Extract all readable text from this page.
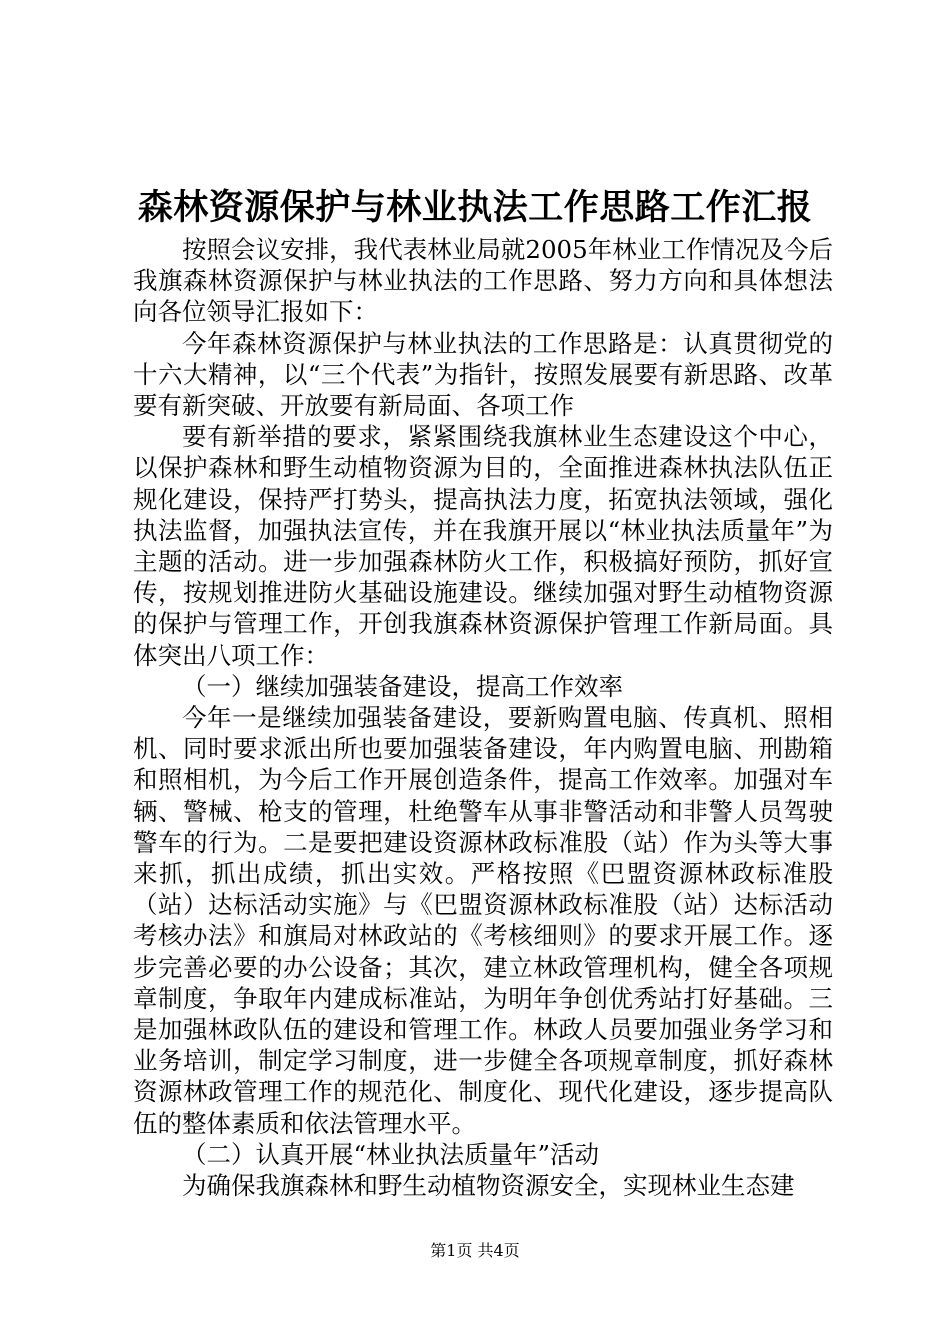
森林资源保护与林业执法工作思路工作汇报

按照会议安排，我代表林业局就2005年林业工作情况及今后我旗森林资源保护与林业执法的工作思路、努力方向和具体想法向各位领导汇报如下：

今年森林资源保护与林业执法的工作思路是：认真贯彻党的十六大精神，以“三个代表”为指针，按照发展要有新思路、改革要有新突破、开放要有新局面、各项工作

要有新举措的要求，紧紧围绕我旗林业生态建设这个中心，以保护森林和野生动植物资源为目的，全面推进森林执法队伍正规化建设，保持严打势头，提高执法力度，拓宽执法领域，强化执法监督，加强执法宣传，并在我旗开展以“林业执法质量年”为主题的活动。进一步加强森林防火工作，积极搞好预防，抓好宣传，按规划推进防火基础设施建设。继续加强对野生动植物资源的保护与管理工作，开创我旗森林资源保护管理工作新局面。具体突出八项工作：

（一）继续加强装备建设，提高工作效率

今年一是继续加强装备建设，要新购置电脑、传真机、照相机、同时要求派出所也要加强装备建设，年内购置电脑、刑勘箱和照相机，为今后工作开展创造条件，提高工作效率。加强对车辆、警械、枪支的管理，杜绝警车从事非警活动和非警人员驾驶警车的行为。二是要把建设资源林政标准股（站）作为头等大事来抓，抓出成绩，抓出实效。严格按照《巴盟资源林政标准股（站）达标活动实施》与《巴盟资源林政标准股（站）达标活动考核办法》和旗局对林政站的《考核细则》的要求开展工作。逐步完善必要的办公设备；其次，建立林政管理机构，健全各项规章制度，争取年内建成标准站，为明年争创优秀站打好基础。三是加强林政队伍的建设和管理工作。林政人员要加强业务学习和业务培训，制定学习制度，进一步健全各项规章制度，抓好森林资源林政管理工作的规范化、制度化、现代化建设，逐步提高队伍的整体素质和依法管理水平。

（二）认真开展“林业执法质量年”活动

为确保我旗森林和野生动植物资源安全，实现林业生态建

第1页 共4页
